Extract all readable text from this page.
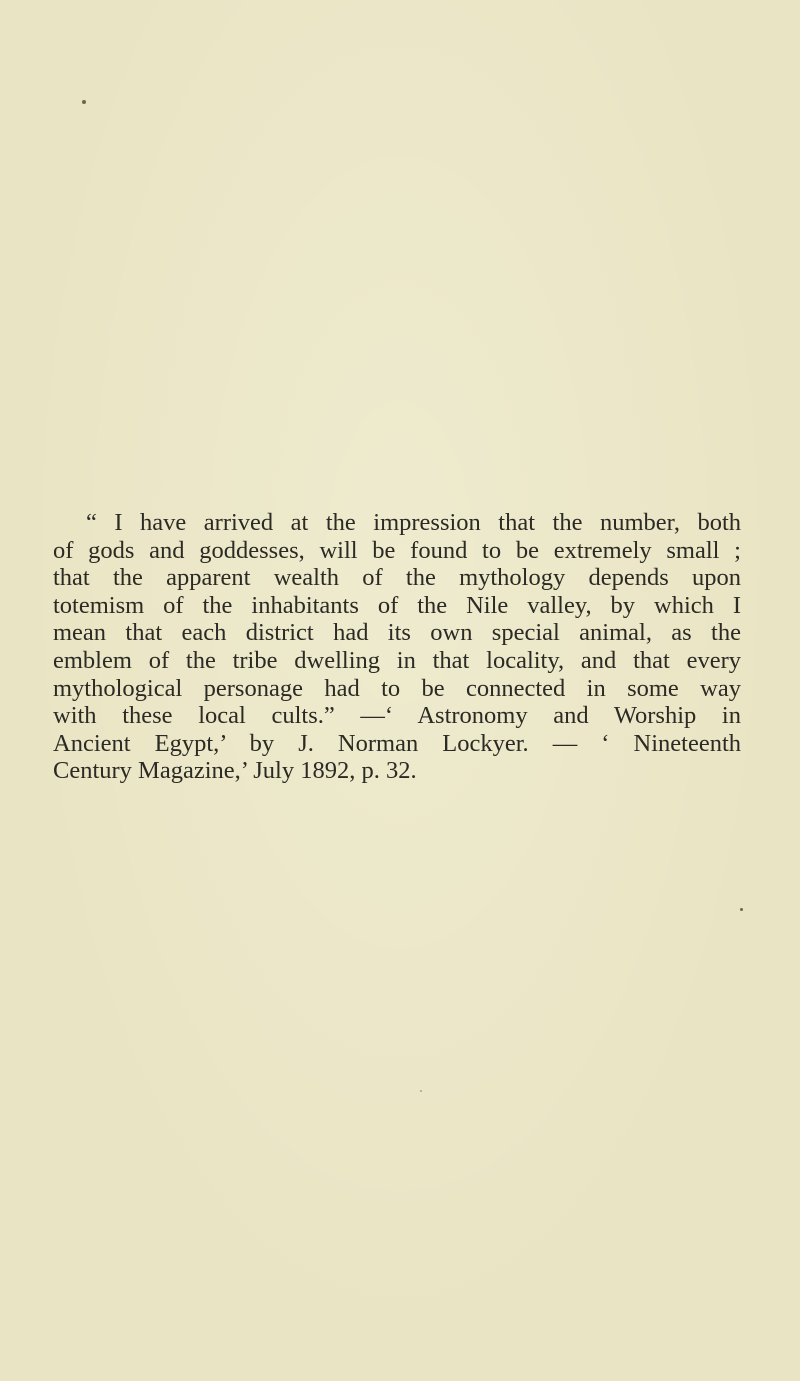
“ I have arrived at the impression that the number, both
of gods and goddesses, will be found to be extremely small ;
that the apparent wealth of the mythology depends upon
totemism of the inhabitants of the Nile valley, by which I
mean that each district had its own special animal, as the
emblem of the tribe dwelling in that locality, and that every
mythological personage had to be connected in some way
with these local cults.” —‘ Astronomy and Worship in
Ancient Egypt,’ by J. Norman Lockyer. — ‘ Nineteenth
Century Magazine,’ July 1892, p. 32.
